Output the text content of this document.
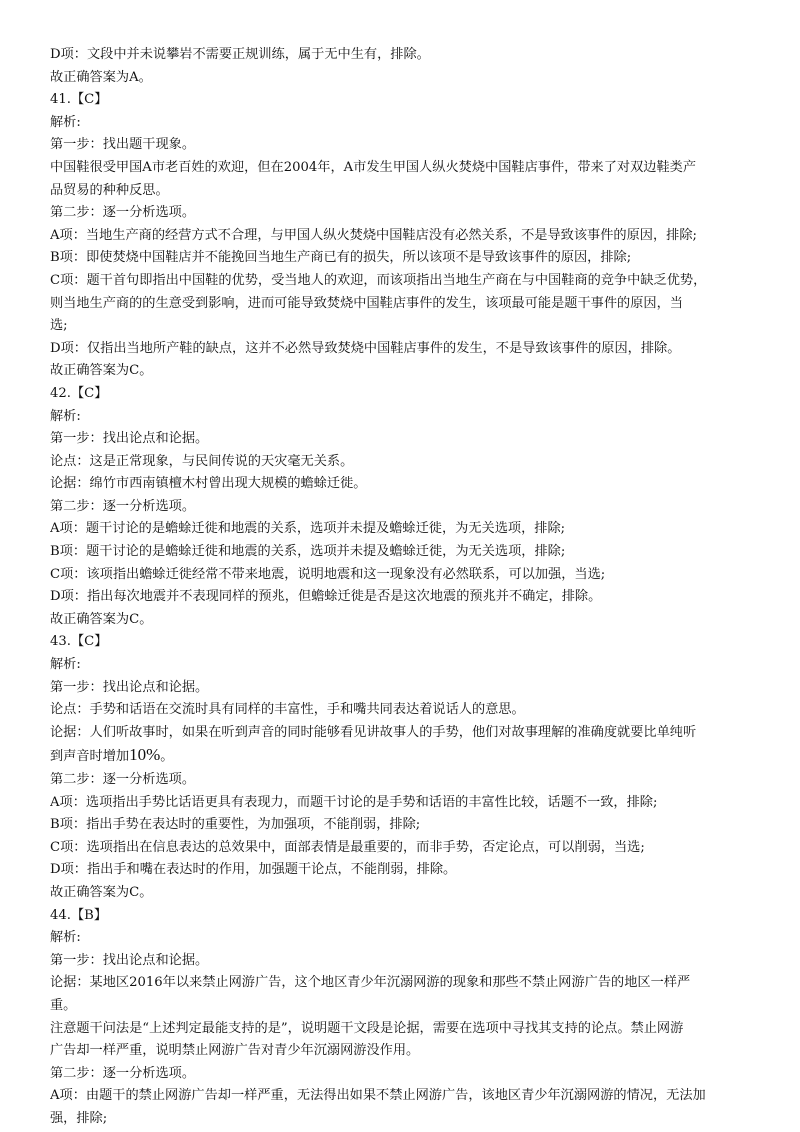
D项：文段中并未说攀岩不需要正规训练，属于无中生有，排除。
故正确答案为A。
41.【C】
解析:
第一步：找出题干现象。
中国鞋很受甲国A市老百姓的欢迎，但在2004年，A市发生甲国人纵火焚烧中国鞋店事件，带来了对双边鞋类产
品贸易的种种反思。
第二步：逐一分析选项。
A项：当地生产商的经营方式不合理，与甲国人纵火焚烧中国鞋店没有必然关系，不是导致该事件的原因，排除;
B项：即使焚烧中国鞋店并不能挽回当地生产商已有的损失，所以该项不是导致该事件的原因，排除;
C项：题干首句即指出中国鞋的优势，受当地人的欢迎，而该项指出当地生产商在与中国鞋商的竞争中缺乏优势，
则当地生产商的的生意受到影响，进而可能导致焚烧中国鞋店事件的发生，该项最可能是题干事件的原因，当
选;
D项：仅指出当地所产鞋的缺点，这并不必然导致焚烧中国鞋店事件的发生，不是导致该事件的原因，排除。
故正确答案为C。
42.【C】
解析:
第一步：找出论点和论据。
论点：这是正常现象，与民间传说的天灾毫无关系。
论据：绵竹市西南镇檀木村曾出现大规模的蟾蜍迁徙。
第二步：逐一分析选项。
A项：题干讨论的是蟾蜍迁徙和地震的关系，选项并未提及蟾蜍迁徙，为无关选项，排除;
B项：题干讨论的是蟾蜍迁徙和地震的关系，选项并未提及蟾蜍迁徙，为无关选项，排除;
C项：该项指出蟾蜍迁徙经常不带来地震，说明地震和这一现象没有必然联系，可以加强，当选;
D项：指出每次地震并不表现同样的预兆，但蟾蜍迁徙是否是这次地震的预兆并不确定，排除。
故正确答案为C。
43.【C】
解析:
第一步：找出论点和论据。
论点：手势和话语在交流时具有同样的丰富性，手和嘴共同表达着说话人的意思。
论据：人们听故事时，如果在听到声音的同时能够看见讲故事人的手势，他们对故事理解的准确度就要比单纯听
到声音时增加10%。
第二步：逐一分析选项。
A项：选项指出手势比话语更具有表现力，而题干讨论的是手势和话语的丰富性比较，话题不一致，排除;
B项：指出手势在表达时的重要性，为加强项，不能削弱，排除;
C项：选项指出在信息表达的总效果中，面部表情是最重要的，而非手势，否定论点，可以削弱，当选;
D项：指出手和嘴在表达时的作用，加强题干论点，不能削弱，排除。
故正确答案为C。
44.【B】
解析:
第一步：找出论点和论据。
论据：某地区2016年以来禁止网游广告，这个地区青少年沉溺网游的现象和那些不禁止网游广告的地区一样严
重。
注意题干问法是“上述判定最能支持的是”，说明题干文段是论据，需要在选项中寻找其支持的论点。禁止网游
广告却一样严重，说明禁止网游广告对青少年沉溺网游没作用。
第二步：逐一分析选项。
A项：由题干的禁止网游广告却一样严重，无法得出如果不禁止网游广告，该地区青少年沉溺网游的情况，无法加
强，排除;
